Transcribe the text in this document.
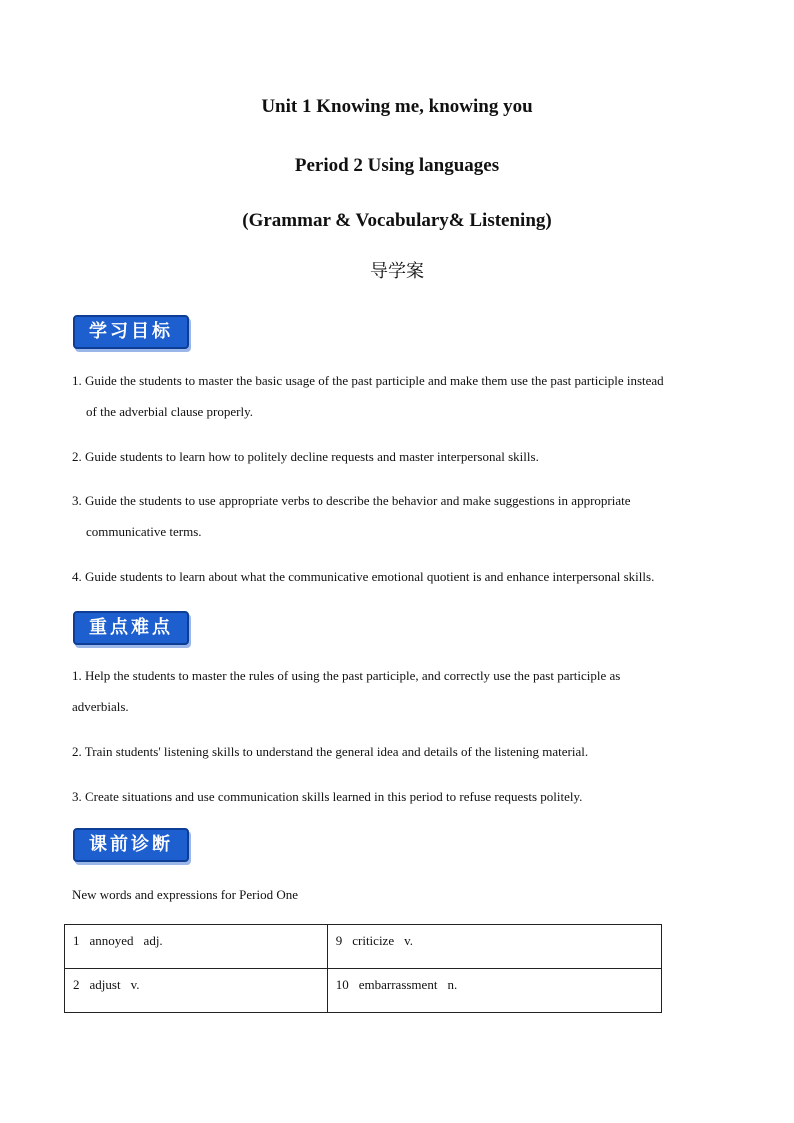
Unit 1 Knowing me, knowing you
Period 2 Using languages
(Grammar & Vocabulary& Listening)
导学案
学习目标
1. Guide the students to master the basic usage of the past participle and make them use the past participle instead
of the adverbial clause properly.
2. Guide students to learn how to politely decline requests and master interpersonal skills.
3. Guide the students to use appropriate verbs to describe the behavior and make suggestions in appropriate
communicative terms.
4. Guide students to learn about what the communicative emotional quotient is and enhance interpersonal skills.
重点难点
1. Help the students to master the rules of using the past participle, and correctly use the past participle as
adverbials.
2. Train students' listening skills to understand the general idea and details of the listening material.
3. Create situations and use communication skills learned in this period to refuse requests politely.
课前诊断
New words and expressions for Period One
1 annoyed adj.	9 criticize v.
2 adjust v.	10 embarrassment n.
